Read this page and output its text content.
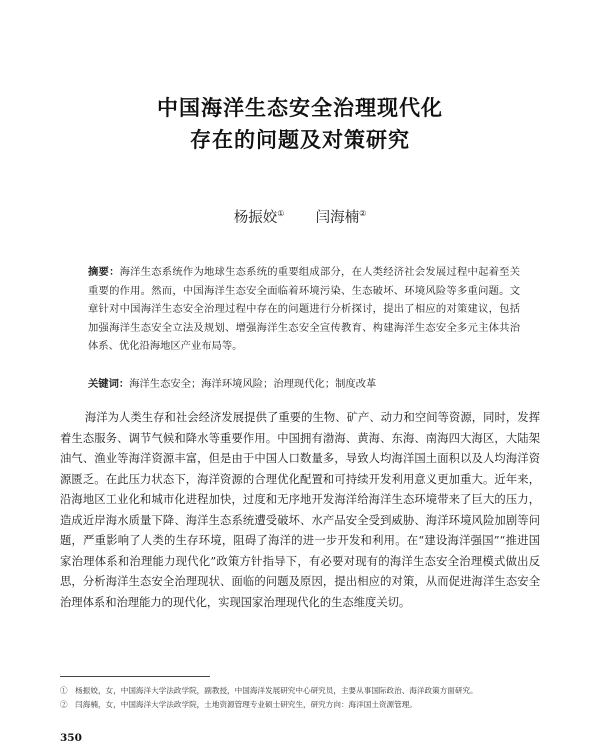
中国海洋生态安全治理现代化
存在的问题及对策研究
杨振姣① 闫海楠②
摘要：海洋生态系统作为地球生态系统的重要组成部分，在人类经济社会发展过程中起着至关重要的作用。然而，中国海洋生态安全面临着环境污染、生态破坏、环境风险等多重问题。文章针对中国海洋生态安全治理过程中存在的问题进行分析探讨，提出了相应的对策建议，包括加强海洋生态安全立法及规划、增强海洋生态安全宣传教育、构建海洋生态安全多元主体共治体系、优化沿海地区产业布局等。
关键词：海洋生态安全；海洋环境风险；治理现代化；制度改革
海洋为人类生存和社会经济发展提供了重要的生物、矿产、动力和空间等资源，同时，发挥着生态服务、调节气候和降水等重要作用。中国拥有渤海、黄海、东海、南海四大海区，大陆架油气、渔业等海洋资源丰富，但是由于中国人口数量多，导致人均海洋国土面积以及人均海洋资源匮乏。在此压力状态下，海洋资源的合理优化配置和可持续开发利用意义更加重大。近年来，沿海地区工业化和城市化进程加快，过度和无序地开发海洋给海洋生态环境带来了巨大的压力，造成近岸海水质量下降、海洋生态系统遭受破坏、水产品安全受到威胁、海洋环境风险加剧等问题，严重影响了人类的生存环境，阻碍了海洋的进一步开发和利用。在“建设海洋强国”“推进国家治理体系和治理能力现代化”政策方针指导下，有必要对现有的海洋生态安全治理模式做出反思，分析海洋生态安全治理现状、面临的问题及原因，提出相应的对策，从而促进海洋生态安全治理体系和治理能力的现代化，实现国家治理现代化的生态维度关切。

①　杨振姣，女，中国海洋大学法政学院，副教授，中国海洋发展研究中心研究员，主要从事国际政治、海洋政策方面研究。

②　闫海楠，女，中国海洋大学法政学院，土地资源管理专业硕士研究生，研究方向：海洋国土资源管理。

350
